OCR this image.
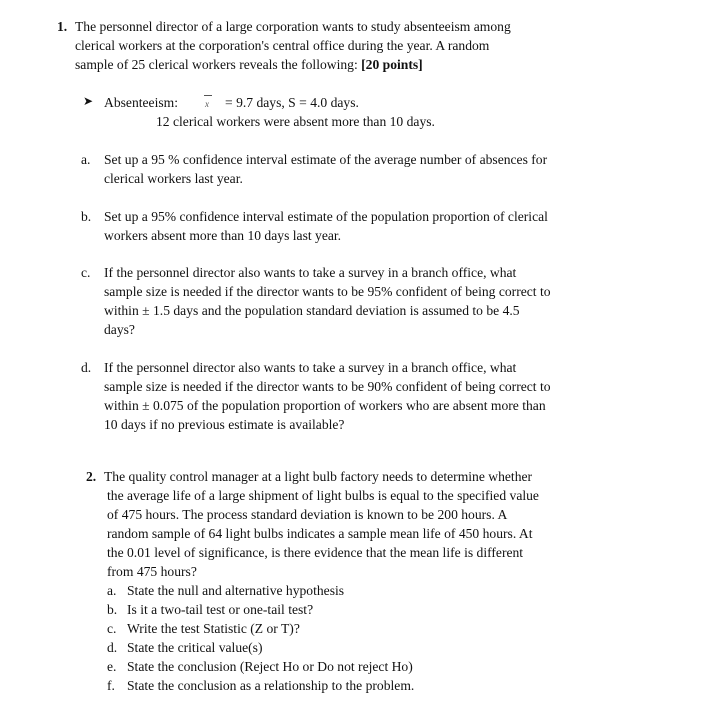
1. The personnel director of a large corporation wants to study absenteeism among
clerical workers at the corporation's central office during the year. A random
sample of 25 clerical workers reveals the following: [20 points]
➤ Absenteeism:	x = 9.7 days, S = 4.0 days.
12 clerical workers were absent more than 10 days.
a. Set up a 95 % confidence interval estimate of the average number of absences for
clerical workers last year.
b. Set up a 95% confidence interval estimate of the population proportion of clerical
workers absent more than 10 days last year.
c. If the personnel director also wants to take a survey in a branch office, what
sample size is needed if the director wants to be 95% confident of being correct to
within ± 1.5 days and the population standard deviation is assumed to be 4.5
days?
d. If the personnel director also wants to take a survey in a branch office, what
sample size is needed if the director wants to be 90% confident of being correct to
within ± 0.075 of the population proportion of workers who are absent more than
10 days if no previous estimate is available?
2. The quality control manager at a light bulb factory needs to determine whether
the average life of a large shipment of light bulbs is equal to the specified value
of 475 hours. The process standard deviation is known to be 200 hours. A
random sample of 64 light bulbs indicates a sample mean life of 450 hours. At
the 0.01 level of significance, is there evidence that the mean life is different
from 475 hours?
a. State the null and alternative hypothesis
b. Is it a two-tail test or one-tail test?
c. Write the test Statistic (Z or T)?
d. State the critical value(s)
e. State the conclusion (Reject Ho or Do not reject Ho)
f. State the conclusion as a relationship to the problem.
